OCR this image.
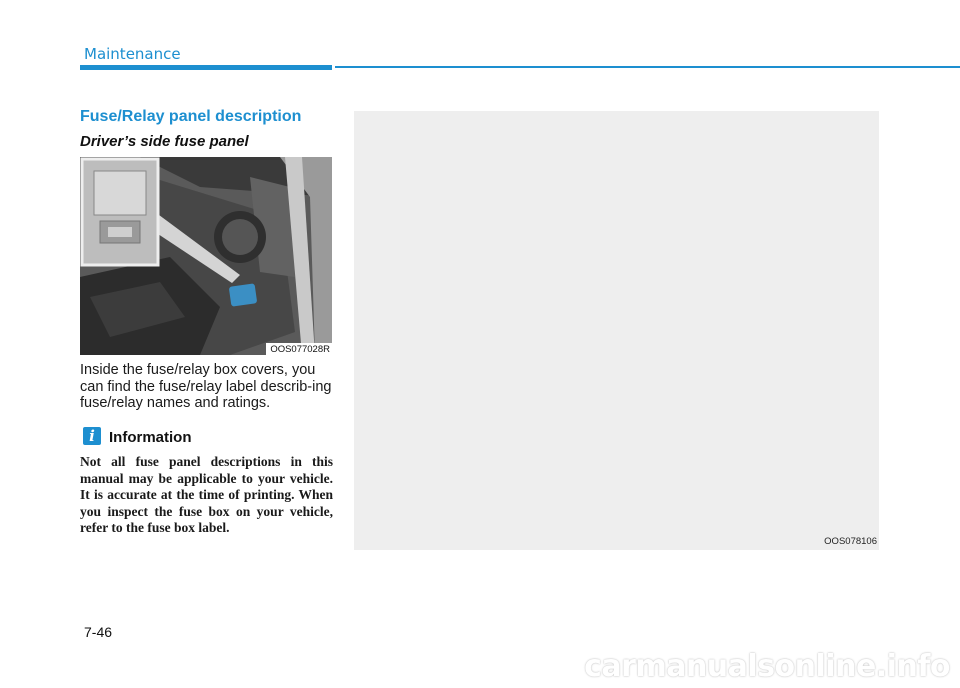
Maintenance
Fuse/Relay panel description
Driver’s side fuse panel
OOS077028R

Inside the fuse/relay box covers, you can find the fuse/relay label describ-ing fuse/relay names and ratings.

i Information

Not all fuse panel descriptions in this manual may be applicable to your vehicle. It is accurate at the time of printing. When you inspect the fuse box on your vehicle, refer to the fuse box label.

OOS078106
7-46
carmanualsonline.info
